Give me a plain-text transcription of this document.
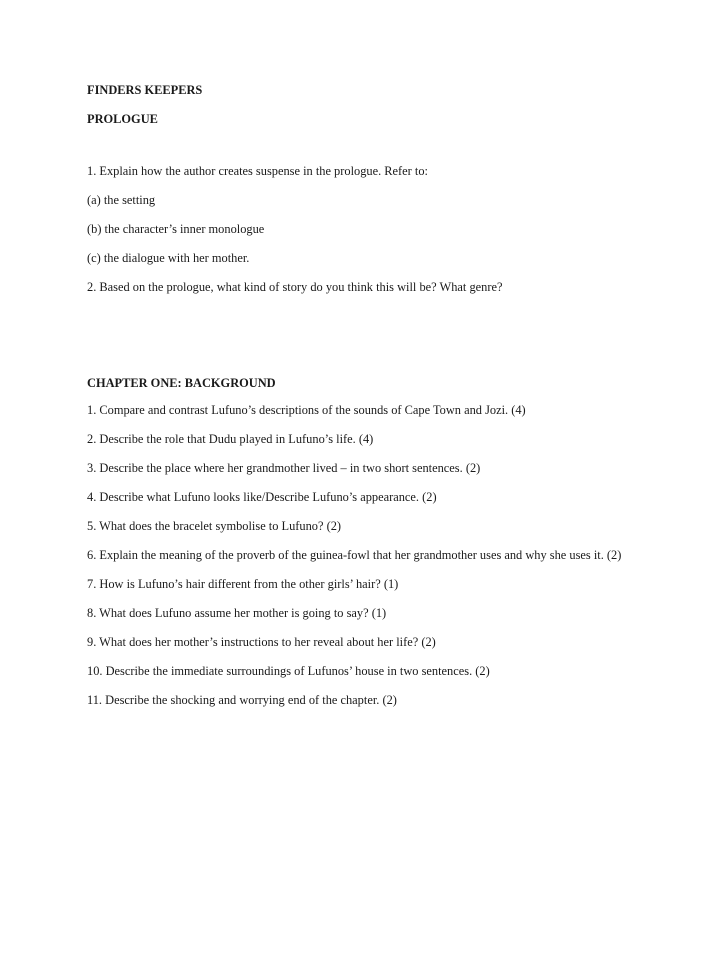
FINDERS KEEPERS

PROLOGUE

1. Explain how the author creates suspense in the prologue. Refer to:

(a) the setting

(b) the character’s inner monologue

(c) the dialogue with her mother.

2. Based on the prologue, what kind of story do you think this will be? What genre?

CHAPTER ONE: BACKGROUND

1. Compare and contrast Lufuno’s descriptions of the sounds of Cape Town and Jozi. (4)

2. Describe the role that Dudu played in Lufuno’s life. (4)

3. Describe the place where her grandmother lived – in two short sentences. (2)

4. Describe what Lufuno looks like/Describe Lufuno’s appearance. (2)

5. What does the bracelet symbolise to Lufuno? (2)

6. Explain the meaning of the proverb of the guinea-fowl that her grandmother uses and why she uses it. (2)

7. How is Lufuno’s hair different from the other girls’ hair? (1)

8. What does Lufuno assume her mother is going to say? (1)

9. What does her mother’s instructions to her reveal about her life? (2)

10. Describe the immediate surroundings of Lufunos’ house in two sentences. (2)

11. Describe the shocking and worrying end of the chapter. (2)
